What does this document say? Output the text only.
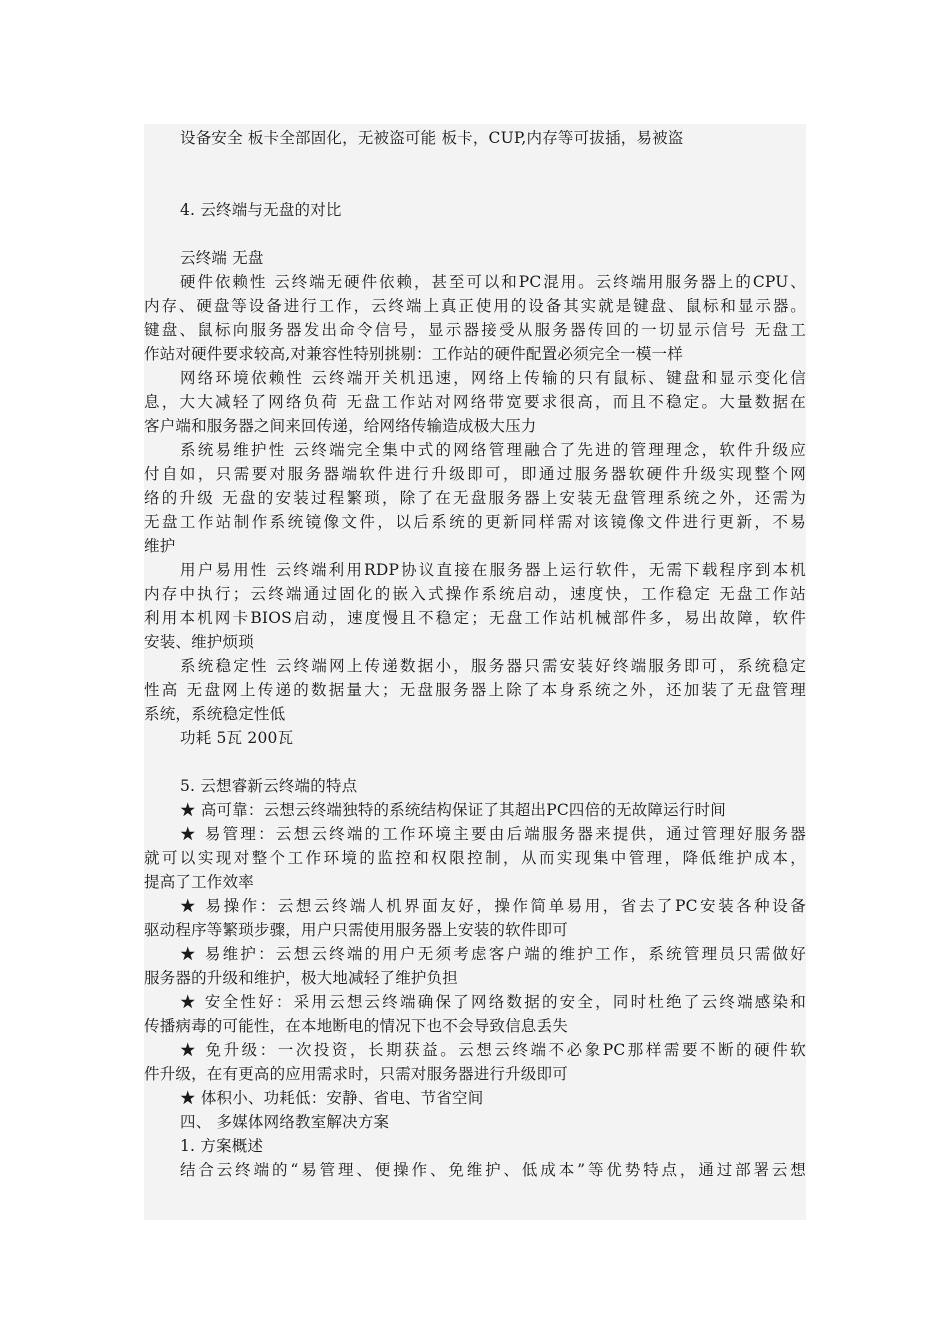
设备安全 板卡全部固化，无被盗可能 板卡，CUP,内存等可拔插，易被盗
4. 云终端与无盘的对比
云终端 无盘
硬件依赖性 云终端无硬件依赖，甚至可以和PC混用。云终端用服务器上的CPU、
内存、硬盘等设备进行工作，云终端上真正使用的设备其实就是键盘、鼠标和显示器。
键盘、鼠标向服务器发出命令信号，显示器接受从服务器传回的一切显示信号 无盘工
作站对硬件要求较高,对兼容性特别挑剔：工作站的硬件配置必须完全一模一样
网络环境依赖性 云终端开关机迅速，网络上传输的只有鼠标、键盘和显示变化信
息，大大减轻了网络负荷 无盘工作站对网络带宽要求很高，而且不稳定。大量数据在
客户端和服务器之间来回传递，给网络传输造成极大压力
系统易维护性 云终端完全集中式的网络管理融合了先进的管理理念，软件升级应
付自如，只需要对服务器端软件进行升级即可，即通过服务器软硬件升级实现整个网
络的升级 无盘的安装过程繁琐，除了在无盘服务器上安装无盘管理系统之外，还需为
无盘工作站制作系统镜像文件，以后系统的更新同样需对该镜像文件进行更新，不易
维护
用户易用性 云终端利用RDP协议直接在服务器上运行软件，无需下载程序到本机
内存中执行；云终端通过固化的嵌入式操作系统启动，速度快，工作稳定 无盘工作站
利用本机网卡BIOS启动，速度慢且不稳定；无盘工作站机械部件多，易出故障，软件
安装、维护烦琐
系统稳定性 云终端网上传递数据小，服务器只需安装好终端服务即可，系统稳定
性高 无盘网上传递的数据量大；无盘服务器上除了本身系统之外，还加装了无盘管理
系统，系统稳定性低
功耗 5瓦 200瓦
5. 云想睿新云终端的特点
★ 高可靠：云想云终端独特的系统结构保证了其超出PC四倍的无故障运行时间
★ 易管理：云想云终端的工作环境主要由后端服务器来提供，通过管理好服务器
就可以实现对整个工作环境的监控和权限控制，从而实现集中管理，降低维护成本，
提高了工作效率
★ 易操作：云想云终端人机界面友好，操作简单易用，省去了PC安装各种设备
驱动程序等繁琐步骤，用户只需使用服务器上安装的软件即可
★ 易维护：云想云终端的用户无须考虑客户端的维护工作，系统管理员只需做好
服务器的升级和维护，极大地减轻了维护负担
★ 安全性好：采用云想云终端确保了网络数据的安全，同时杜绝了云终端感染和
传播病毒的可能性，在本地断电的情况下也不会导致信息丢失
★ 免升级：一次投资，长期获益。云想云终端不必象PC那样需要不断的硬件软
件升级，在有更高的应用需求时，只需对服务器进行升级即可
★ 体积小、功耗低：安静、省电、节省空间
四、 多媒体网络教室解决方案
1. 方案概述
结合云终端的“易管理、便操作、免维护、低成本”等优势特点，通过部署云想
